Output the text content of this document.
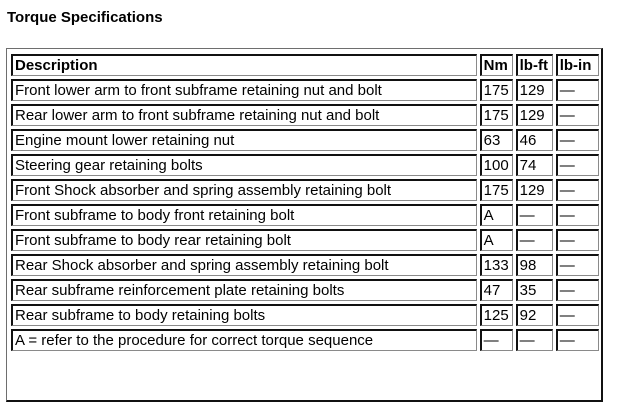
Torque Specifications
Description	Nm	lb-ft	lb-in
Front lower arm to front subframe retaining nut and bolt	175	129	—
Rear lower arm to front subframe retaining nut and bolt	175	129	—
Engine mount lower retaining nut	63	46	—
Steering gear retaining bolts	100	74	—
Front Shock absorber and spring assembly retaining bolt	175	129	—
Front subframe to body front retaining bolt	A	—	—
Front subframe to body rear retaining bolt	A	—	—
Rear Shock absorber and spring assembly retaining bolt	133	98	—
Rear subframe reinforcement plate retaining bolts	47	35	—
Rear subframe to body retaining bolts	125	92	—
A = refer to the procedure for correct torque sequence	—	—	—
